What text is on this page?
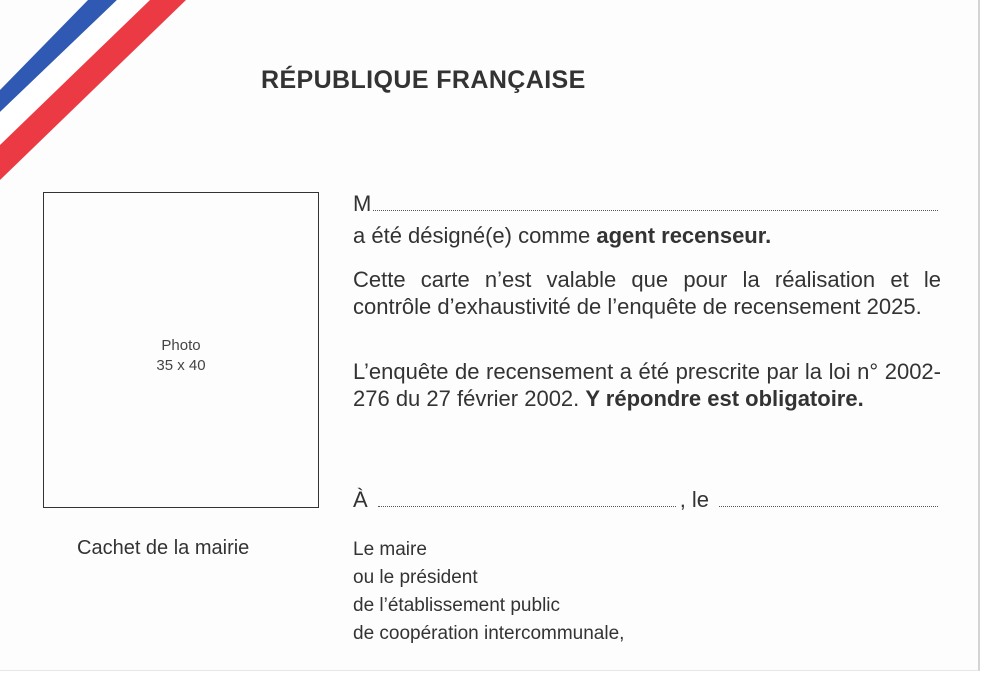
RÉPUBLIQUE FRANÇAISE
Photo
35 x 40
Cachet de la mairie
M
a été désigné(e) comme agent recenseur.
Cette carte n’est valable que pour la réalisation et le contrôle d’exhaustivité de l’enquête de recensement 2025.
L’enquête de recensement a été prescrite par la loi n° 2002-276 du 27 février 2002. Y répondre est obligatoire.
À	, le
Le maire
ou le président
de l’établissement public
de coopération intercommunale,
